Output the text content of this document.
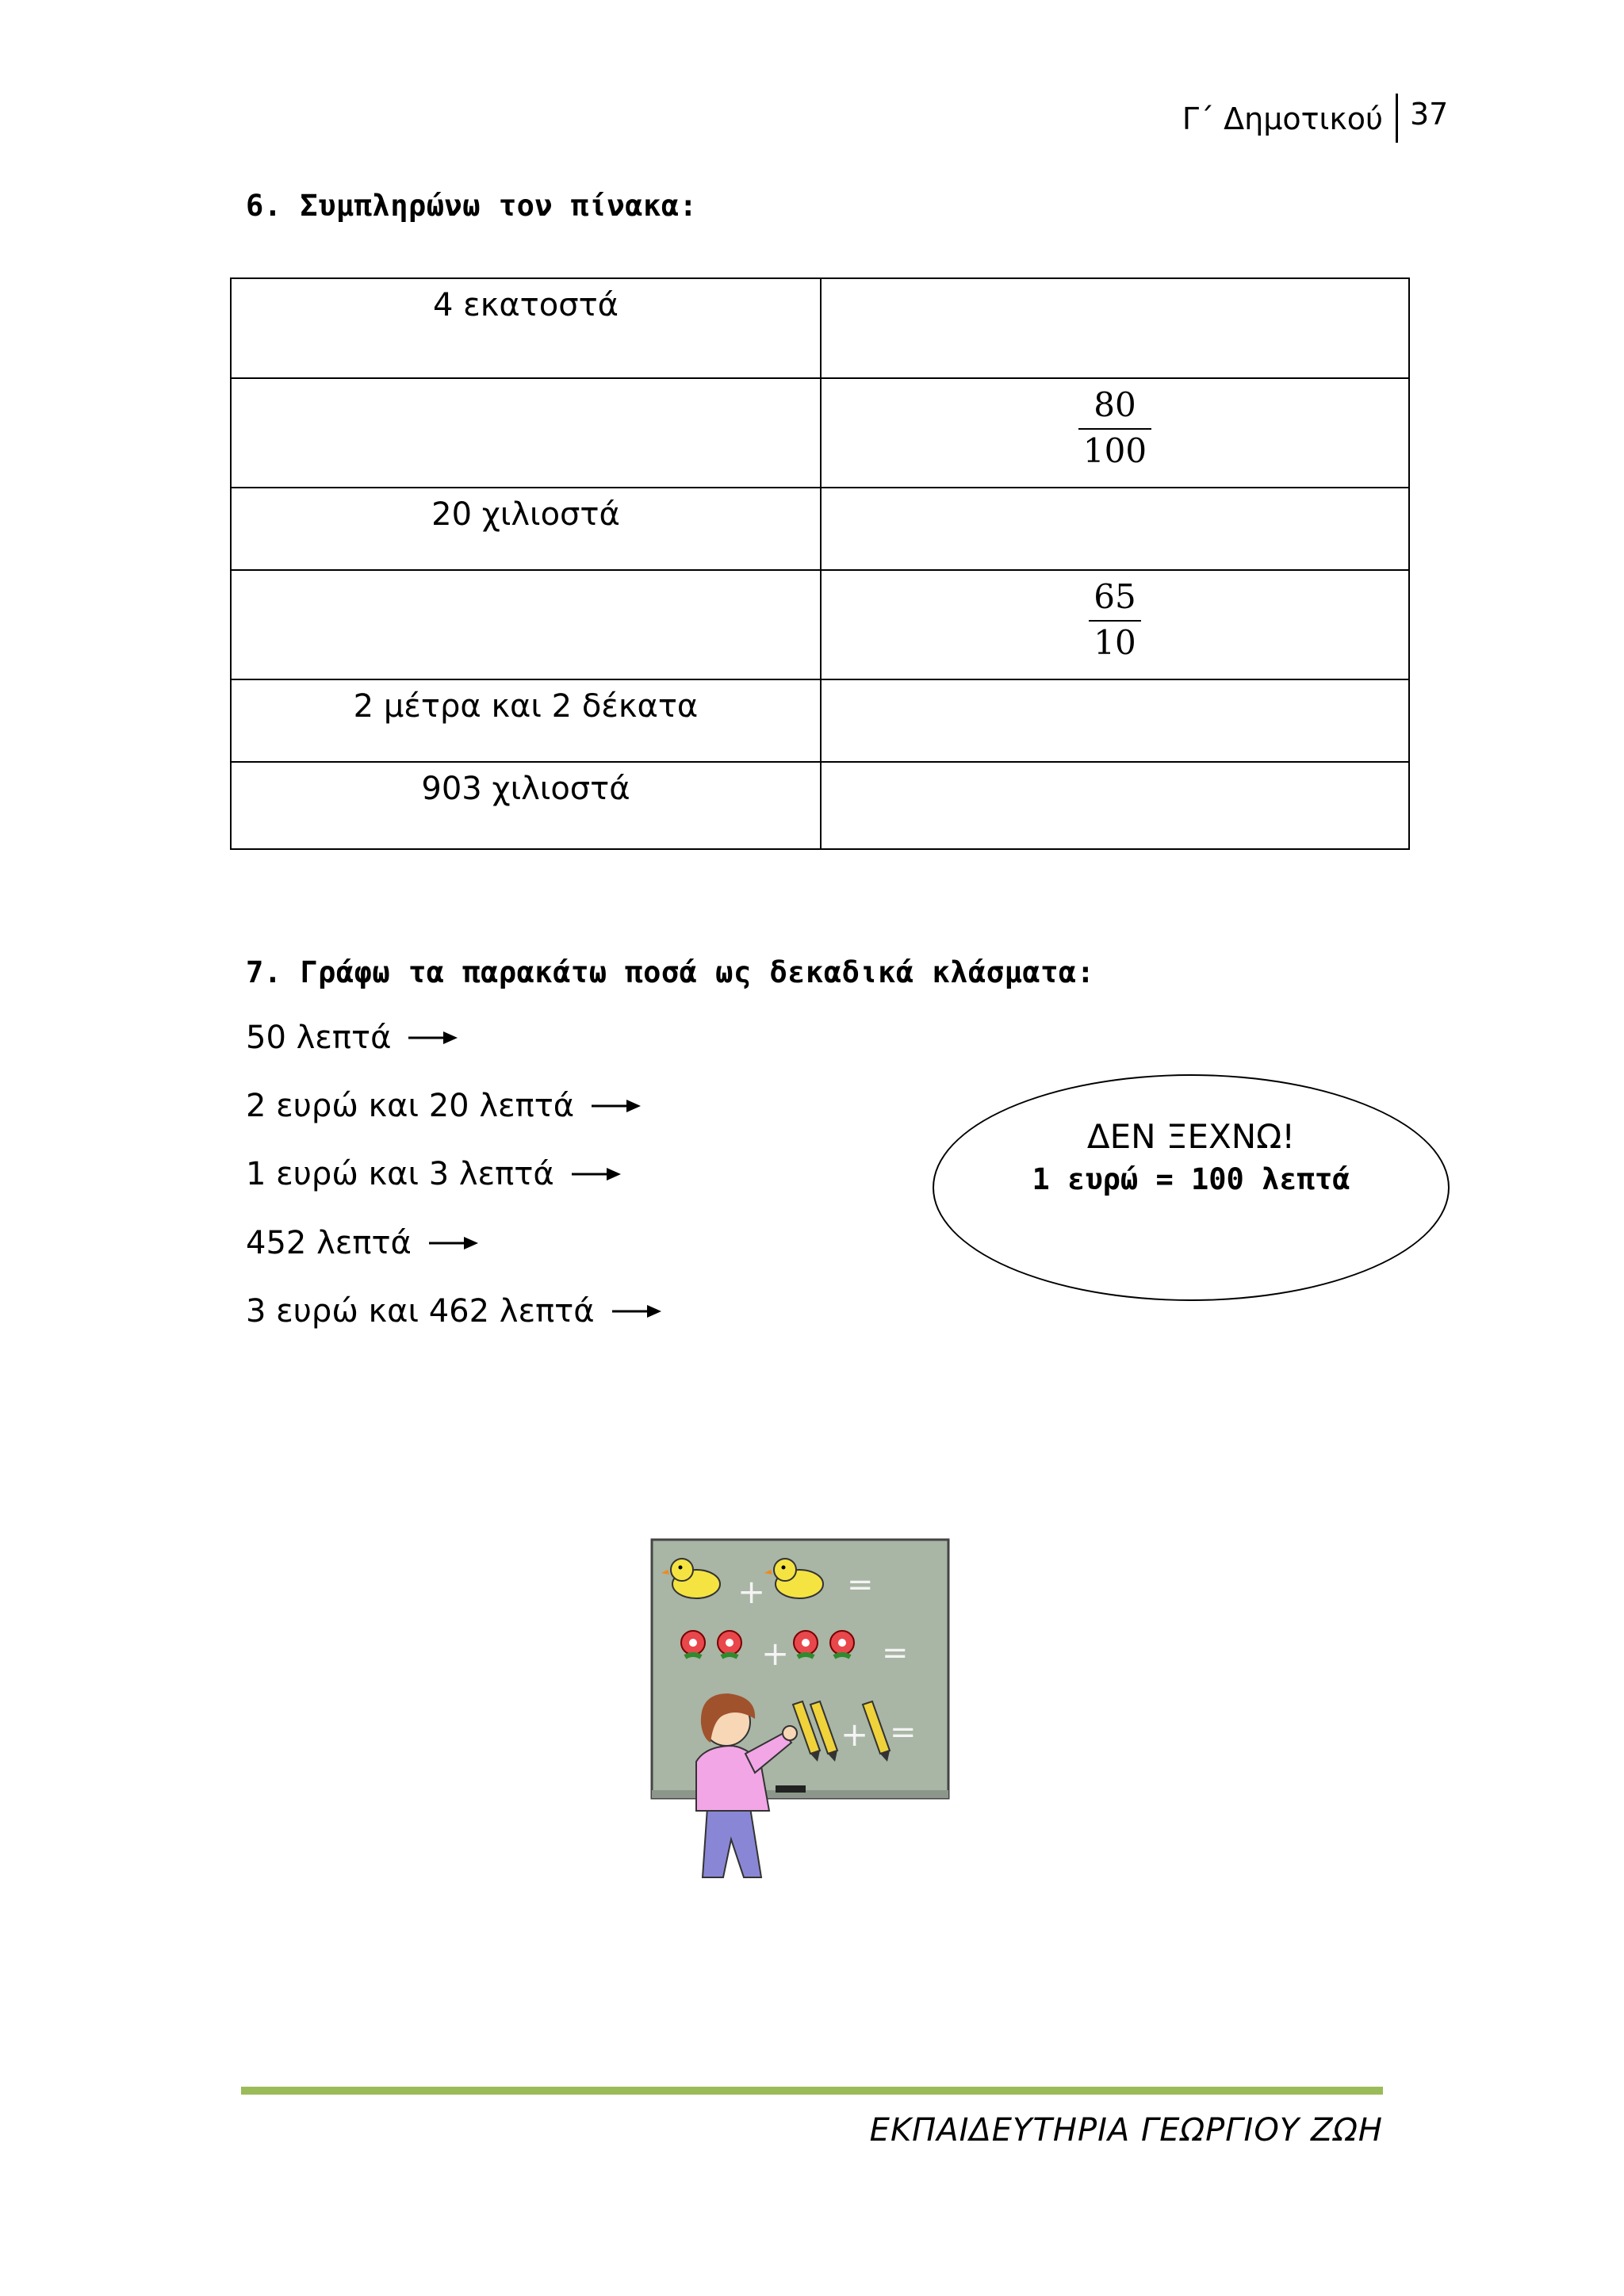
Γ΄ Δημοτικού 37
6. Συμπληρώνω τον πίνακα:
4 εκατοστά	

	$\frac{80}{100}$

20 χιλιοστά	

	$\frac{65}{10}$

2 μέτρα και 2 δέκατα	

903 χιλιοστά	

7. Γράφω τα παρακάτω ποσά ως δεκαδικά κλάσματα:
50 λεπτά
2 ευρώ και 20 λεπτά
1 ευρώ και 3 λεπτά
452 λεπτά
3 ευρώ και 462 λεπτά
ΔΕΝ ΞΕΧΝΩ!
1 ευρώ = 100 λεπτά
+	=
+	=
+ =
ΕΚΠΑΙΔΕΥΤΗΡΙΑ ΓΕΩΡΓΙΟΥ ΖΩΗ
